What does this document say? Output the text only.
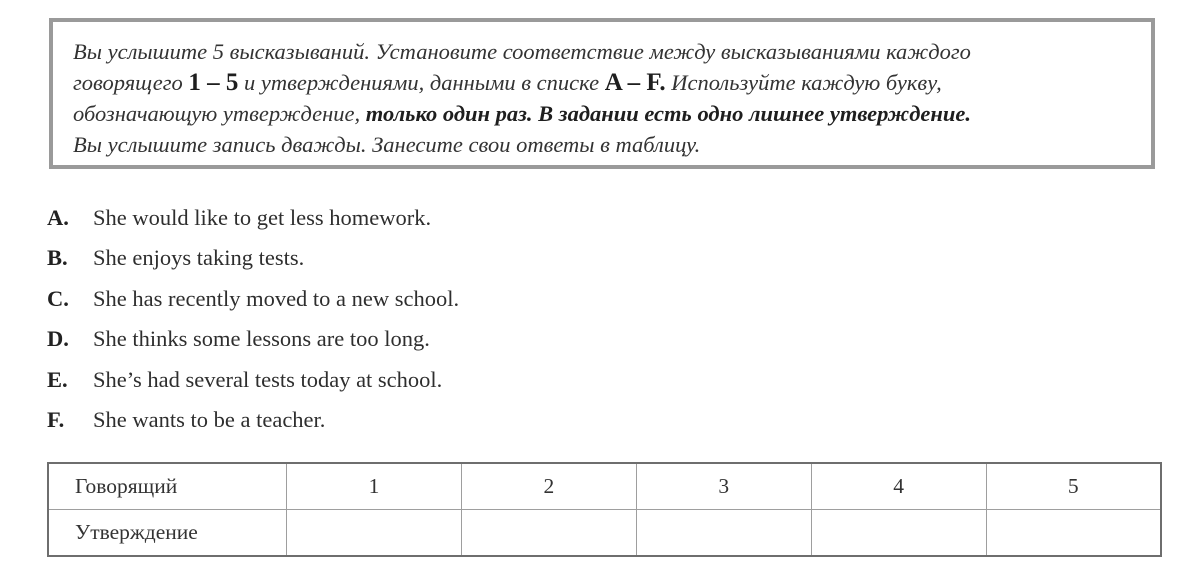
Вы услышите 5 высказываний. Установите соответствие между высказываниями каждого
говорящего 1 – 5 и утверждениями, данными в списке A – F. Используйте каждую букву,
обозначающую утверждение, только один раз. В задании есть одно лишнее утверждение.
Вы услышите запись дважды. Занесите свои ответы в таблицу.
A. She would like to get less homework.
B. She enjoys taking tests.
C. She has recently moved to a new school.
D. She thinks some lessons are too long.
E. She’s had several tests today at school.
F. She wants to be a teacher.
Говорящий	1	2	3	4	5
Утверждение					
